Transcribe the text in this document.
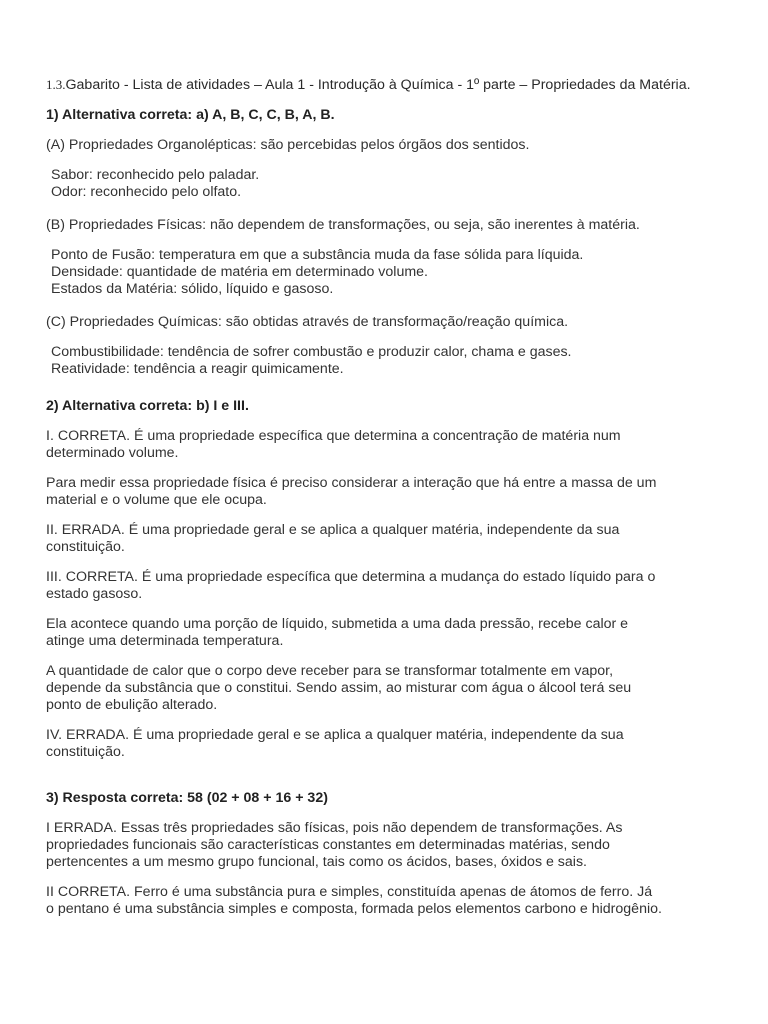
1.3.Gabarito - Lista de atividades – Aula 1 - Introdução à Química - 1º parte – Propriedades da Matéria.
1) Alternativa correta: a) A, B, C, C, B, A, B.
(A) Propriedades Organolépticas: são percebidas pelos órgãos dos sentidos.
Sabor: reconhecido pelo paladar.
Odor: reconhecido pelo olfato.
(B) Propriedades Físicas: não dependem de transformações, ou seja, são inerentes à matéria.
Ponto de Fusão: temperatura em que a substância muda da fase sólida para líquida.
Densidade: quantidade de matéria em determinado volume.
Estados da Matéria: sólido, líquido e gasoso.
(C) Propriedades Químicas: são obtidas através de transformação/reação química.
Combustibilidade: tendência de sofrer combustão e produzir calor, chama e gases.
Reatividade: tendência a reagir quimicamente.
2) Alternativa correta: b) I e III.
I. CORRETA. É uma propriedade específica que determina a concentração de matéria num
determinado volume.
Para medir essa propriedade física é preciso considerar a interação que há entre a massa de um
material e o volume que ele ocupa.
II. ERRADA. É uma propriedade geral e se aplica a qualquer matéria, independente da sua
constituição.
III. CORRETA. É uma propriedade específica que determina a mudança do estado líquido para o
estado gasoso.
Ela acontece quando uma porção de líquido, submetida a uma dada pressão, recebe calor e
atinge uma determinada temperatura.
A quantidade de calor que o corpo deve receber para se transformar totalmente em vapor,
depende da substância que o constitui. Sendo assim, ao misturar com água o álcool terá seu
ponto de ebulição alterado.
IV. ERRADA. É uma propriedade geral e se aplica a qualquer matéria, independente da sua
constituição.
3) Resposta correta: 58 (02 + 08 + 16 + 32)
I ERRADA. Essas três propriedades são físicas, pois não dependem de transformações. As
propriedades funcionais são características constantes em determinadas matérias, sendo
pertencentes a um mesmo grupo funcional, tais como os ácidos, bases, óxidos e sais.
II CORRETA. Ferro é uma substância pura e simples, constituída apenas de átomos de ferro. Já
o pentano é uma substância simples e composta, formada pelos elementos carbono e hidrogênio.
